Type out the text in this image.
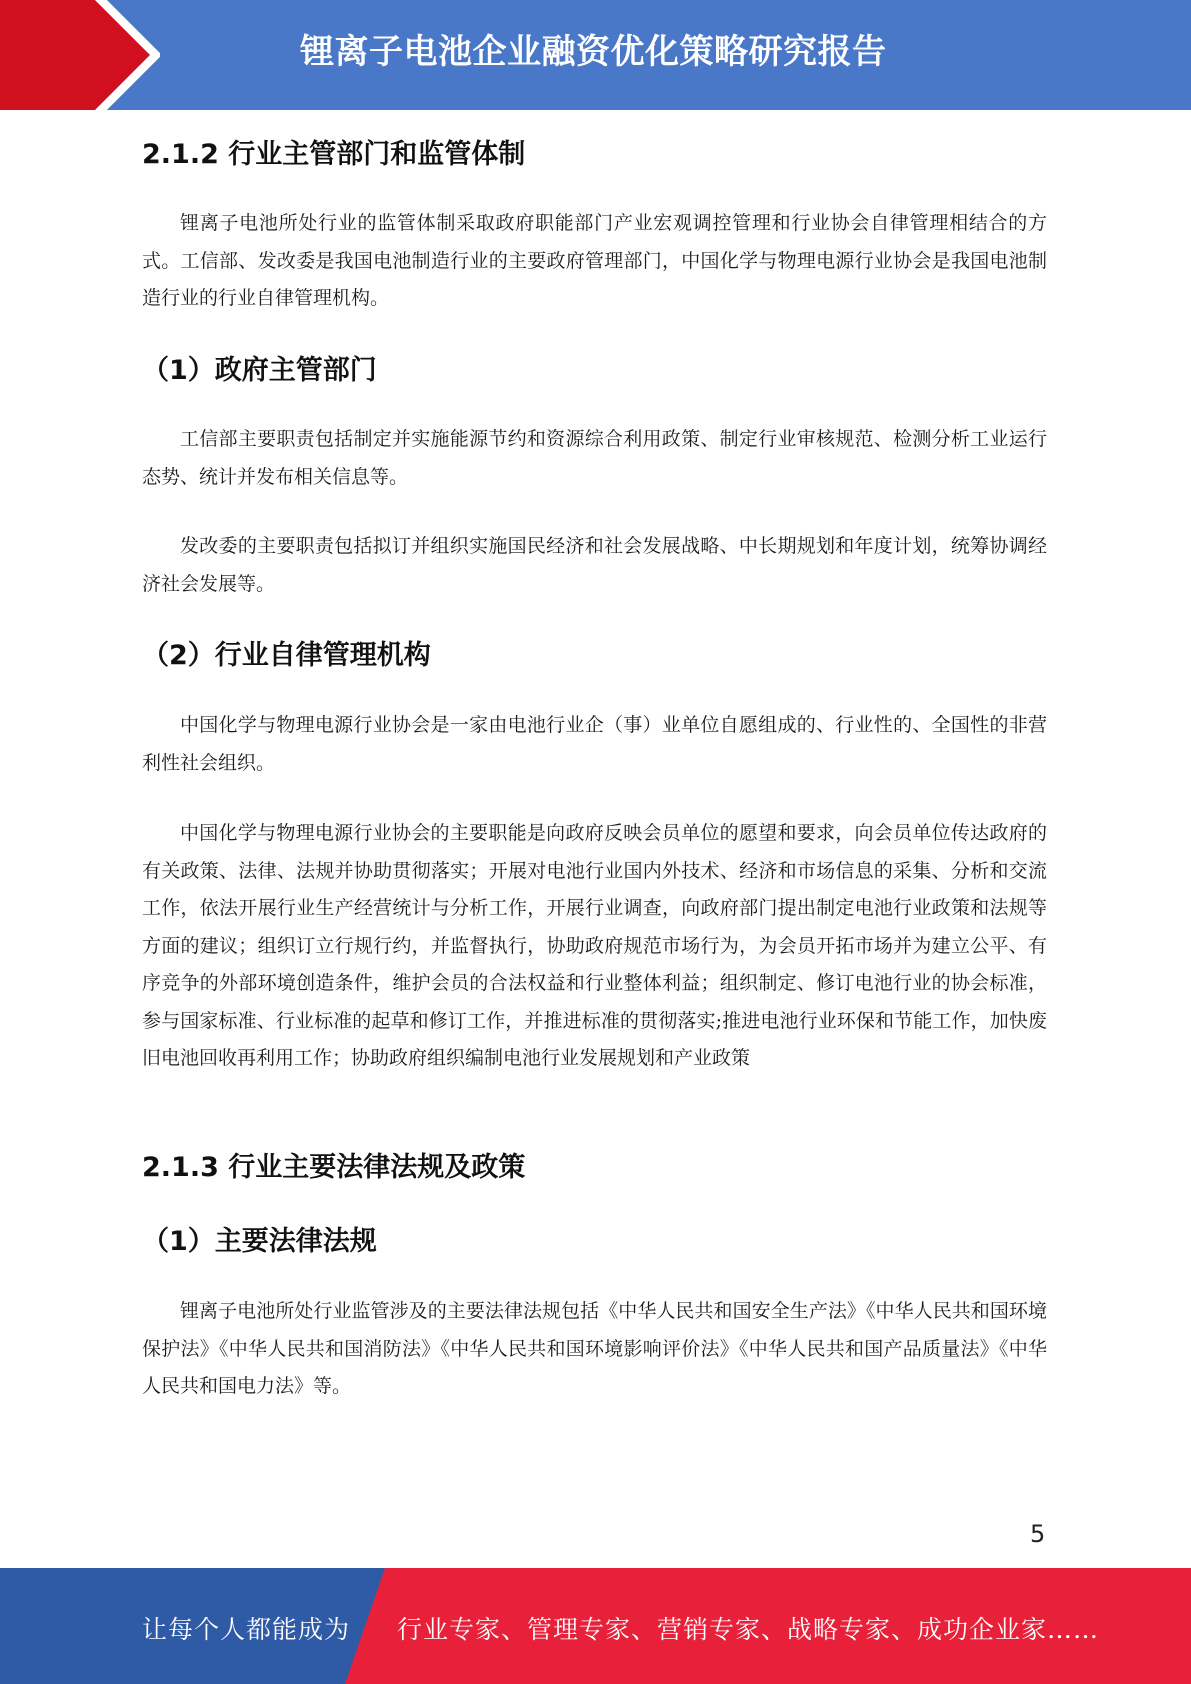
锂离子电池企业融资优化策略研究报告
2.1.2 行业主管部门和监管体制

锂离子电池所处行业的监管体制采取政府职能部门产业宏观调控管理和行业协会自律管理相结合的方式。工信部、发改委是我国电池制造行业的主要政府管理部门，中国化学与物理电源行业协会是我国电池制造行业的行业自律管理机构。

（1）政府主管部门

工信部主要职责包括制定并实施能源节约和资源综合利用政策、制定行业审核规范、检测分析工业运行态势、统计并发布相关信息等。

发改委的主要职责包括拟订并组织实施国民经济和社会发展战略、中长期规划和年度计划，统筹协调经济社会发展等。

（2）行业自律管理机构

中国化学与物理电源行业协会是一家由电池行业企（事）业单位自愿组成的、行业性的、全国性的非营利性社会组织。

中国化学与物理电源行业协会的主要职能是向政府反映会员单位的愿望和要求，向会员单位传达政府的有关政策、法律、法规并协助贯彻落实；开展对电池行业国内外技术、经济和市场信息的采集、分析和交流工作，依法开展行业生产经营统计与分析工作，开展行业调查，向政府部门提出制定电池行业政策和法规等方面的建议；组织订立行规行约，并监督执行，协助政府规范市场行为，为会员开拓市场并为建立公平、有序竞争的外部环境创造条件，维护会员的合法权益和行业整体利益；组织制定、修订电池行业的协会标准，参与国家标准、行业标准的起草和修订工作，并推进标准的贯彻落实;推进电池行业环保和节能工作，加快废旧电池回收再利用工作；协助政府组织编制电池行业发展规划和产业政策

2.1.3 行业主要法律法规及政策
（1）主要法律法规

锂离子电池所处行业监管涉及的主要法律法规包括《中华人民共和国安全生产法》《中华人民共和国环境保护法》《中华人民共和国消防法》《中华人民共和国环境影响评价法》《中华人民共和国产品质量法》《中华人民共和国电力法》等。

5
让每个人都能成为 行业专家、管理专家、营销专家、战略专家、成功企业家……
